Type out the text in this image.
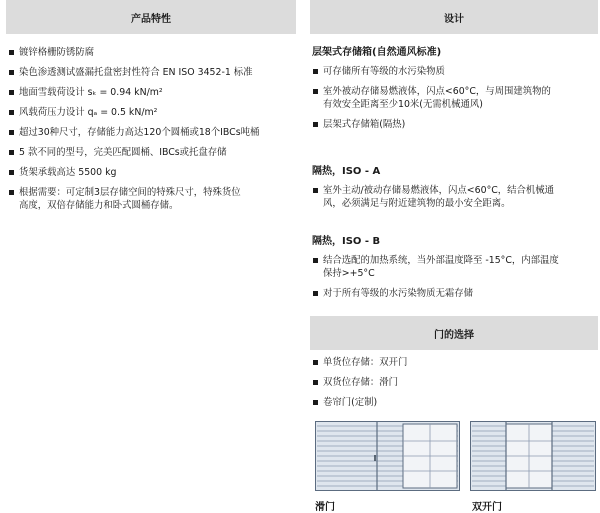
产品特性
镀锌格栅防锈防腐
染色渗透测试盛漏托盘密封性符合 EN ISO 3452-1 标准
地面雪载荷设计 sₖ = 0.94 kN/m²
风载荷压力设计 qₐ = 0.5 kN/m²
超过30种尺寸，存储能力高达120个圆桶或18个IBCs吨桶
5 款不同的型号，完美匹配圆桶、IBCs或托盘存储
货架承载高达 5500 kg
根据需要：可定制3层存储空间的特殊尺寸，特殊货位
高度，双倍存储能力和卧式圆桶存储。
设计
层架式存储箱(自然通风标准)
可存储所有等级的水污染物质
室外被动存储易燃液体，闪点<60°C，与周围建筑物的
有效安全距离至少10米(无需机械通风)
层架式存储箱(隔热)
隔热，ISO - A
室外主动/被动存储易燃液体，闪点<60°C，结合机械通
风，必须满足与附近建筑物的最小安全距离。
隔热，ISO - B
结合选配的加热系统，当外部温度降至 -15°C，内部温度
保持>+5°C
对于所有等级的水污染物质无霜存储
门的选择
单货位存储：双开门
双货位存储：滑门
卷帘门(定制)
滑门	双开门
